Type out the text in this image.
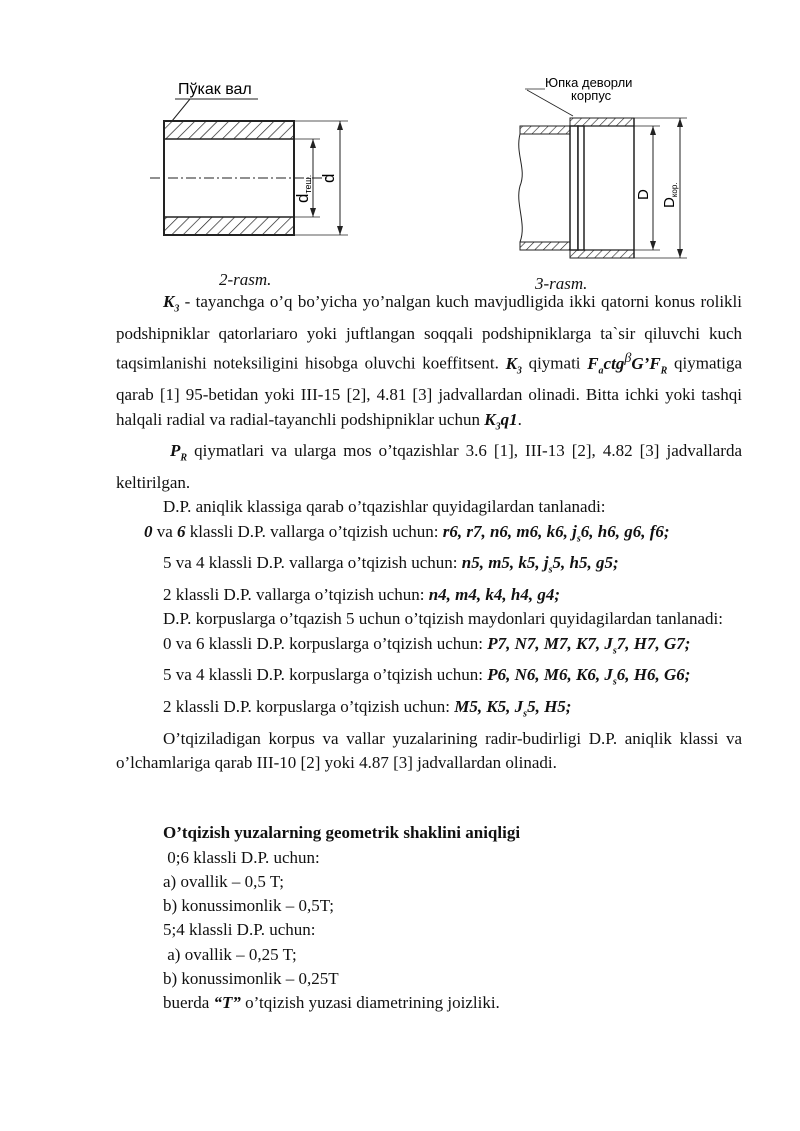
Пўкак вал
dтеш. d
2-rasm.
Юпка деворли
корпус
D
$D_{кор.}$
3-rasm.

$K_3$ - tayanchga o’q bo’yicha yo’nalgan kuch mavjudligida ikki qatorni konus rolikli podshipniklar qatorlariaro yoki juftlangan soqqali podshipniklarga ta`sir qiluvchi kuch taqsimlanishi noteksiligini hisobga oluvchi koeffitsent. $K_3$ qiymati $F_actg^\beta G’F_R$ qiymatiga qarab [1] 95-betidan yoki III-15 [2], 4.81 [3] jadvallardan olinadi. Bitta ichki yoki tashqi halqali radial va radial-tayanchli podshipniklar uchun $K_3q1$.

$P_R$ qiymatlari va ularga mos o’tqazishlar 3.6 [1], III-13 [2], 4.82 [3] jadvallarda keltirilgan.

D.P. aniqlik klassiga qarab o’tqazishlar quyidagilardan tanlanadi:

0 va 6 klassli D.P. vallarga o’tqizish uchun: r6, r7, n6, m6, k6, $j_s6$, h6, g6, f6;

5 va 4 klassli D.P. vallarga o’tqizish uchun: n5, m5, k5, $j_s5$, h5, g5;

2 klassli D.P. vallarga o’tqizish uchun: n4, m4, k4, h4, g4;

D.P. korpuslarga o’tqazish 5 uchun o’tqizish maydonlari quyidagilardan tanlanadi:

0 va 6 klassli D.P. korpuslarga o’tqizish uchun: P7, N7, M7, K7, $J_s7$, H7, G7;

5 va 4 klassli D.P. korpuslarga o’tqizish uchun: P6, N6, M6, K6, $J_s6$, H6, G6;

2 klassli D.P. korpuslarga o’tqizish uchun: M5, K5, $J_s5$, H5;

O’tqiziladigan korpus va vallar yuzalarining radir-budirligi D.P. aniqlik klassi va o’lchamlariga qarab III-10 [2] yoki 4.87 [3] jadvallardan olinadi.

O’tqizish yuzalarning geometrik shaklini aniqligi

0;6 klassli D.P. uchun:

a) ovallik – 0,5 T;

b) konussimonlik – 0,5T;

5;4 klassli D.P. uchun:

a) ovallik – 0,25 T;

b) konussimonlik – 0,25T

buerda “T” o’tqizish yuzasi diametrining joizliki.
